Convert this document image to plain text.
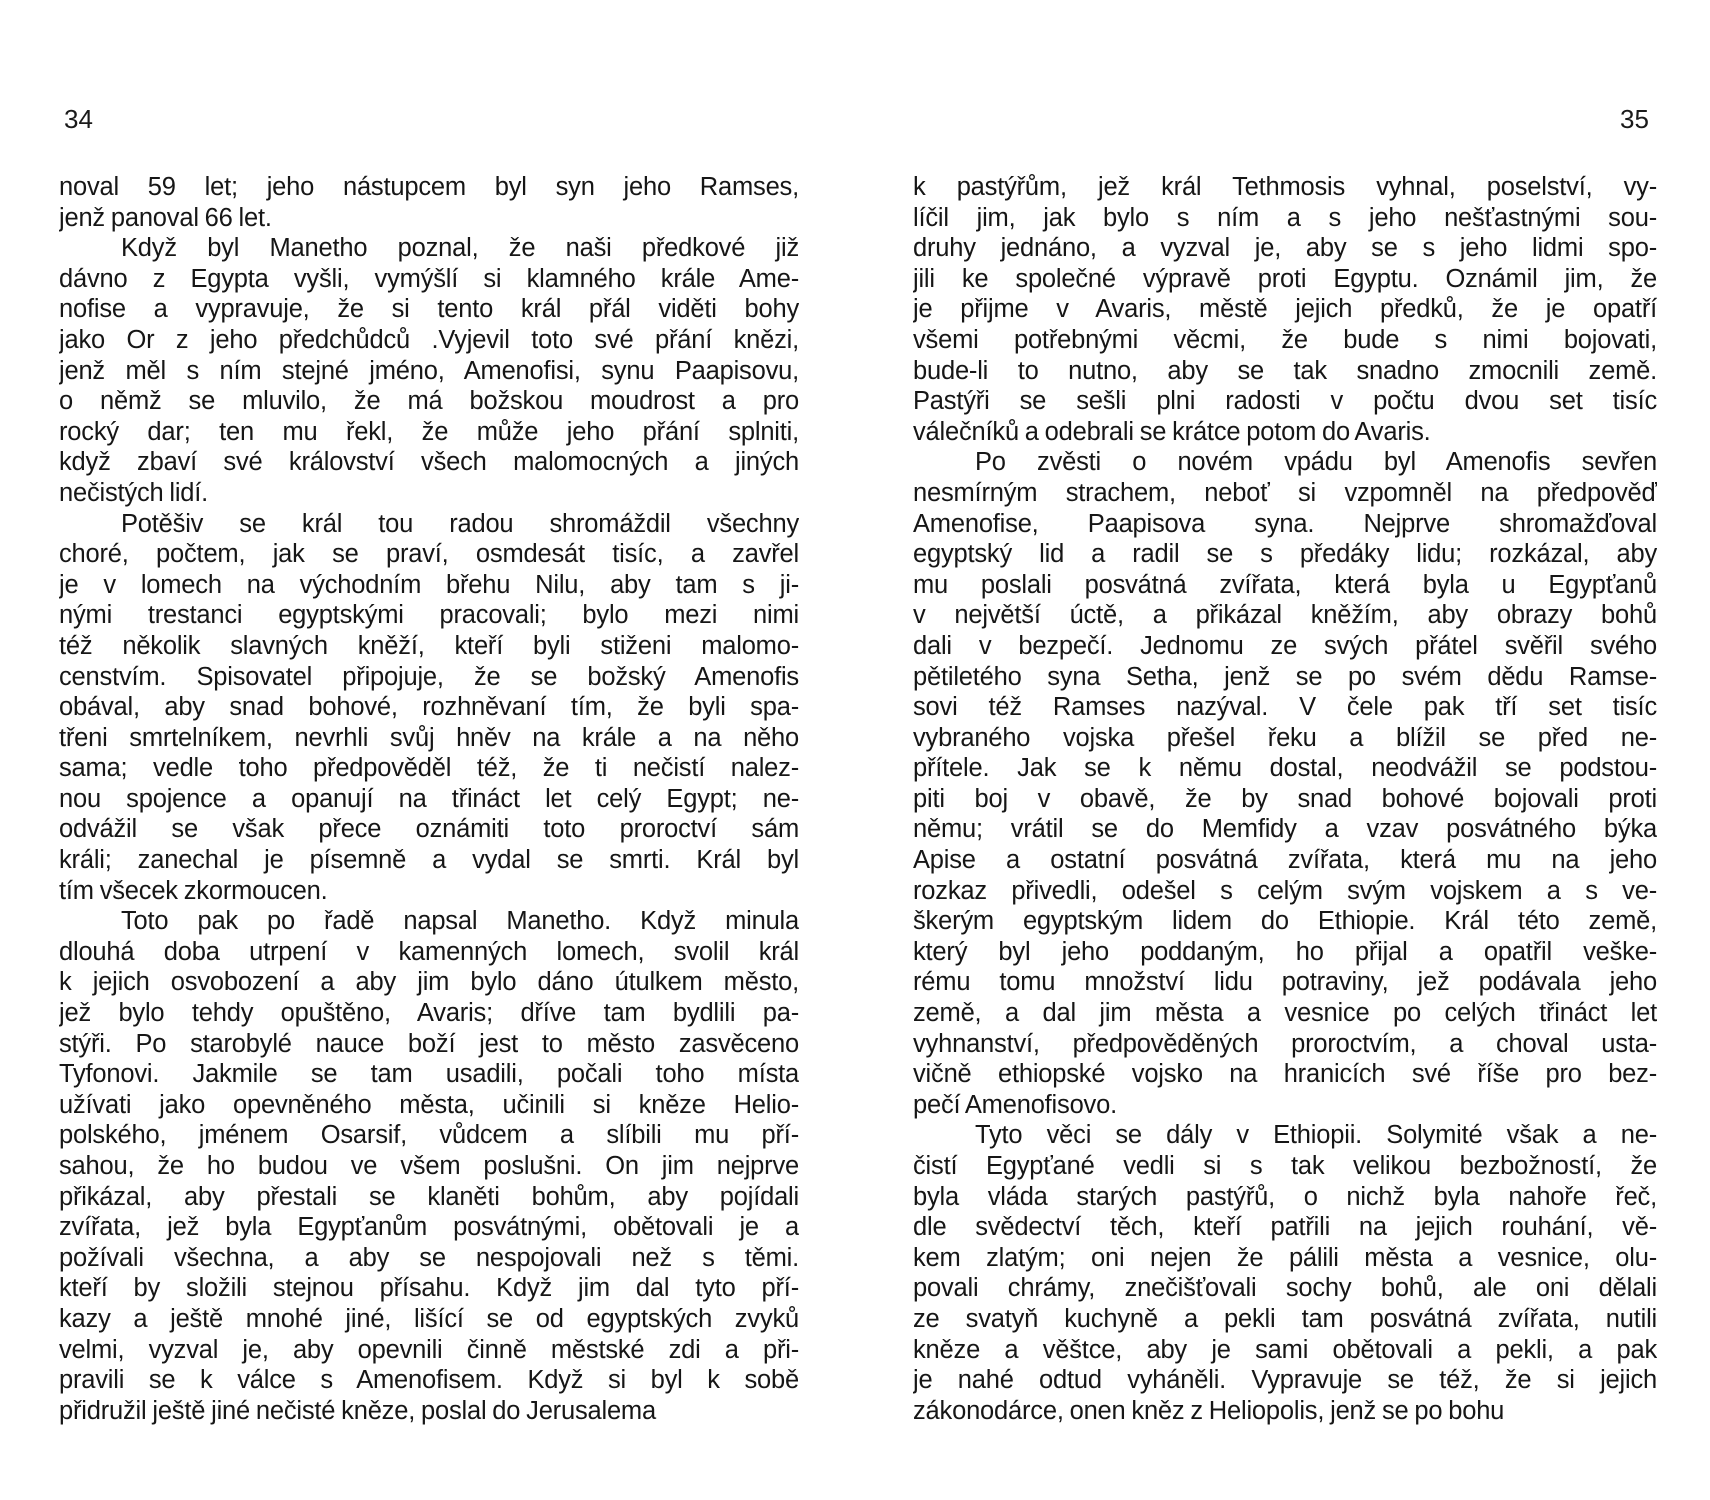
34	35
noval 59 let; jeho nástupcem byl syn jeho Ramses,
jenž panoval 66 let.
Když byl Manetho poznal, že naši předkové již
dávno z Egypta vyšli, vymýšlí si klamného krále Ame-
nofise a vypravuje, že si tento král přál viděti bohy
jako Or z jeho předchůdců .Vyjevil toto své přání knězi,
jenž měl s ním stejné jméno, Amenofisi, synu Paapisovu,
o němž se mluvilo, že má božskou moudrost a pro
rocký dar; ten mu řekl, že může jeho přání splniti,
když zbaví své království všech malomocných a jiných
nečistých lidí.
Potěšiv se král tou radou shromáždil všechny
choré, počtem, jak se praví, osmdesát tisíc, a zavřel
je v lomech na východním břehu Nilu, aby tam s ji-
nými trestanci egyptskými pracovali; bylo mezi nimi
též několik slavných kněží, kteří byli stiženi malomo-
censtvím. Spisovatel připojuje, že se božský Amenofis
obával, aby snad bohové, rozhněvaní tím, že byli spa-
třeni smrtelníkem, nevrhli svůj hněv na krále a na něho
sama; vedle toho předpověděl též, že ti nečistí nalez-
nou spojence a opanují na třináct let celý Egypt; ne-
odvážil se však přece oznámiti toto proroctví sám
králi; zanechal je písemně a vydal se smrti. Král byl
tím všecek zkormoucen.
Toto pak po řadě napsal Manetho. Když minula
dlouhá doba utrpení v kamenných lomech, svolil král
k jejich osvobození a aby jim bylo dáno útulkem město,
jež bylo tehdy opuštěno, Avaris; dříve tam bydlili pa-
stýři. Po starobylé nauce boží jest to město zasvěceno
Tyfonovi. Jakmile se tam usadili, počali toho místa
užívati jako opevněného města, učinili si kněze Helio-
polského, jménem Osarsif, vůdcem a slíbili mu pří-
sahou, že ho budou ve všem poslušni. On jim nejprve
přikázal, aby přestali se klaněti bohům, aby pojídali
zvířata, jež byla Egypťanům posvátnými, obětovali je a
požívali všechna, a aby se nespojovali než s těmi.
kteří by složili stejnou přísahu. Když jim dal tyto pří-
kazy a ještě mnohé jiné, lišící se od egyptských zvyků
velmi, vyzval je, aby opevnili činně městské zdi a při-
pravili se k válce s Amenofisem. Když si byl k sobě
přidružil ještě jiné nečisté kněze, poslal do Jerusalema
k pastýřům, jež král Tethmosis vyhnal, poselství, vy-
líčil jim, jak bylo s ním a s jeho nešťastnými sou-
druhy jednáno, a vyzval je, aby se s jeho lidmi spo-
jili ke společné výpravě proti Egyptu. Oznámil jim, že
je přijme v Avaris, městě jejich předků, že je opatří
všemi potřebnými věcmi, že bude s nimi bojovati,
bude-li to nutno, aby se tak snadno zmocnili země.
Pastýři se sešli plni radosti v počtu dvou set tisíc
válečníků a odebrali se krátce potom do Avaris.
Po zvěsti o novém vpádu byl Amenofis sevřen
nesmírným strachem, neboť si vzpomněl na předpověď
Amenofise, Paapisova syna. Nejprve shromažďoval
egyptský lid a radil se s předáky lidu; rozkázal, aby
mu poslali posvátná zvířata, která byla u Egypťanů
v největší úctě, a přikázal kněžím, aby obrazy bohů
dali v bezpečí. Jednomu ze svých přátel svěřil svého
pětiletého syna Setha, jenž se po svém dědu Ramse-
sovi též Ramses nazýval. V čele pak tří set tisíc
vybraného vojska přešel řeku a blížil se před ne-
přítele. Jak se k němu dostal, neodvážil se podstou-
piti boj v obavě, že by snad bohové bojovali proti
němu; vrátil se do Memfidy a vzav posvátného býka
Apise a ostatní posvátná zvířata, která mu na jeho
rozkaz přivedli, odešel s celým svým vojskem a s ve-
škerým egyptským lidem do Ethiopie. Král této země,
který byl jeho poddaným, ho přijal a opatřil veške-
rému tomu množství lidu potraviny, jež podávala jeho
země, a dal jim města a vesnice po celých třináct let
vyhnanství, předpověděných proroctvím, a choval usta-
vičně ethiopské vojsko na hranicích své říše pro bez-
pečí Amenofisovo.
Tyto věci se dály v Ethiopii. Solymité však a ne-
čistí Egypťané vedli si s tak velikou bezbožností, že
byla vláda starých pastýřů, o nichž byla nahoře řeč,
dle svědectví těch, kteří patřili na jejich rouhání, vě-
kem zlatým; oni nejen že pálili města a vesnice, olu-
povali chrámy, znečišťovali sochy bohů, ale oni dělali
ze svatyň kuchyně a pekli tam posvátná zvířata, nutili
kněze a věštce, aby je sami obětovali a pekli, a pak
je nahé odtud vyháněli. Vypravuje se též, že si jejich
zákonodárce, onen kněz z Heliopolis, jenž se po bohu
